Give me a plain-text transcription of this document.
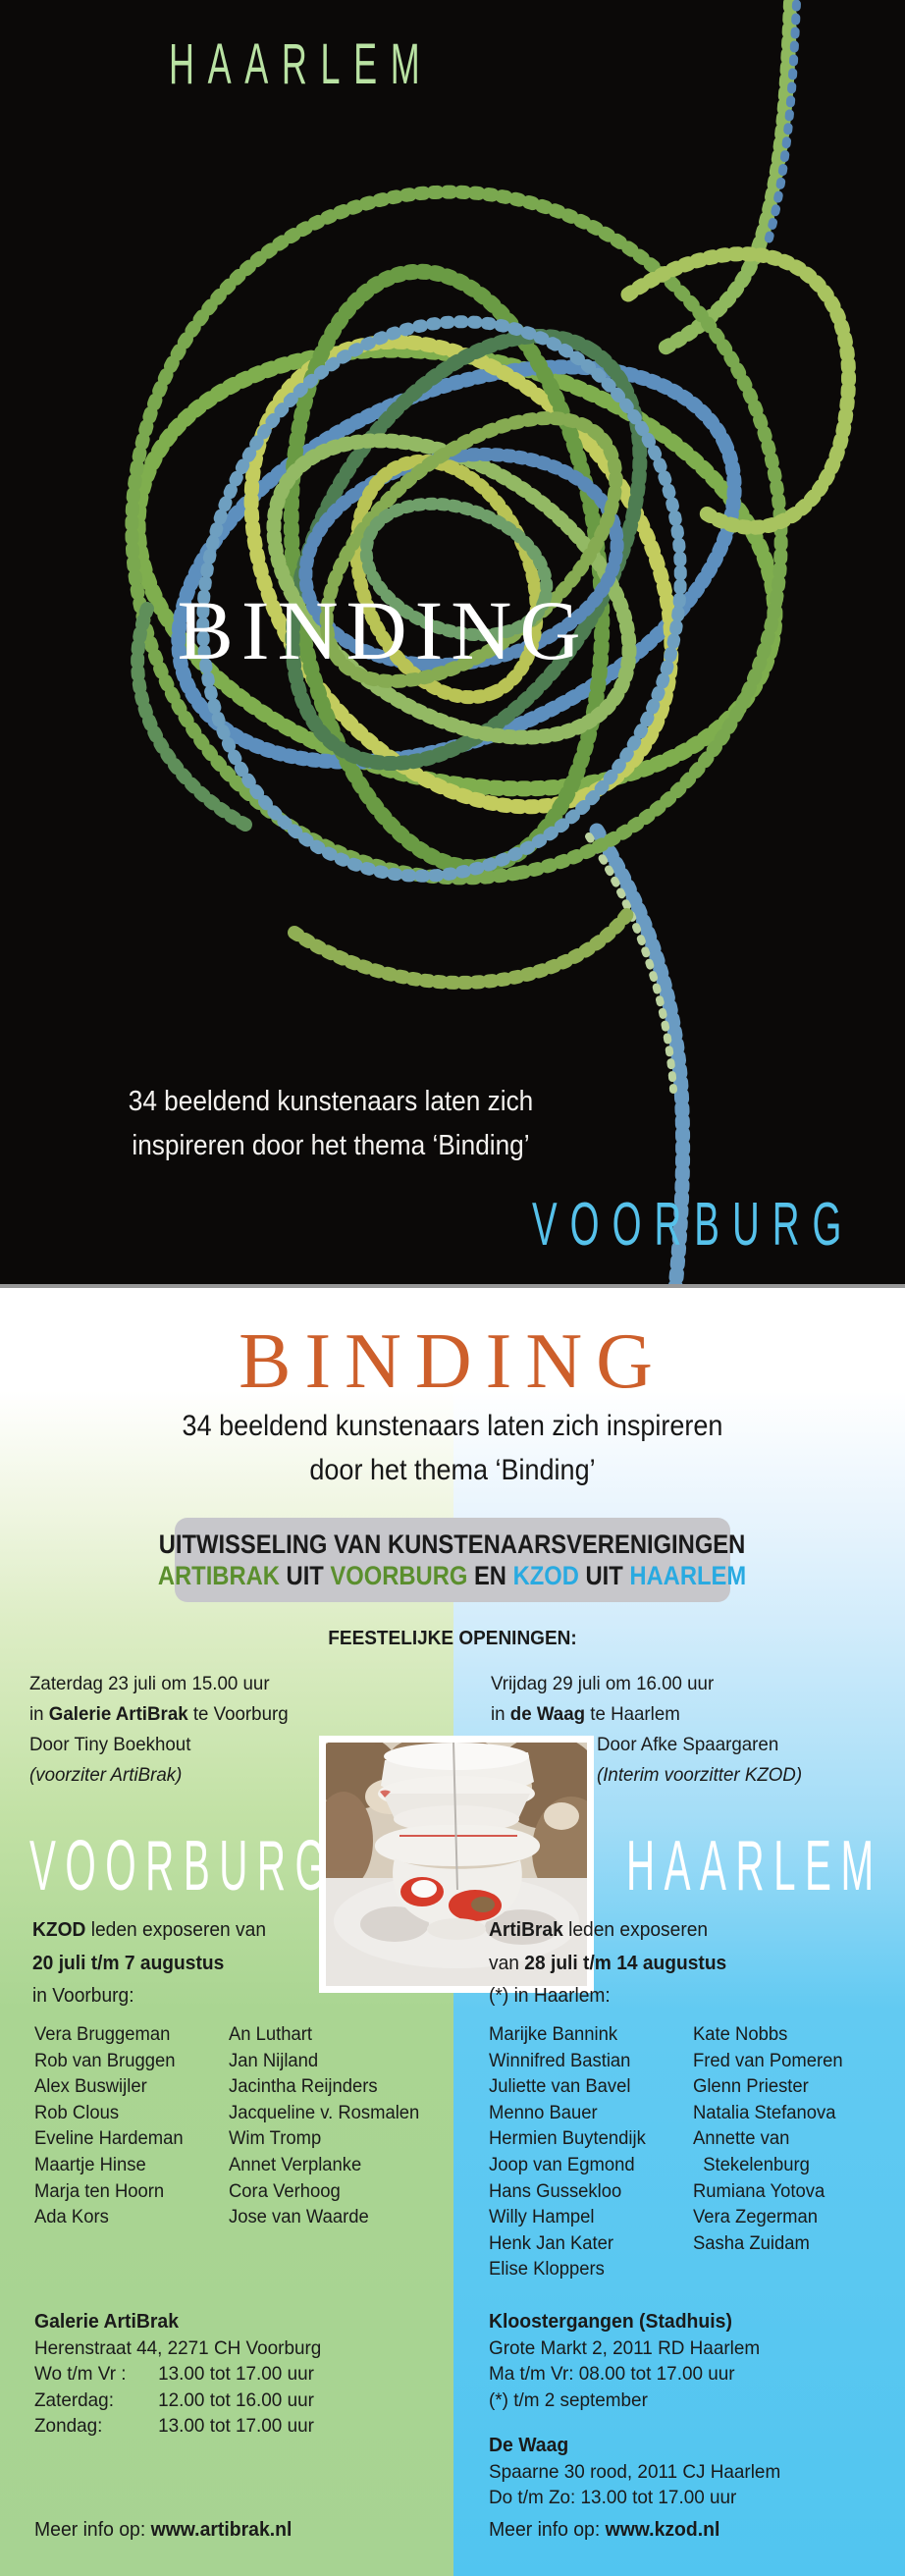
HAARLEM
BINDING
34 beeldend kunstenaars laten zich
inspireren door het thema ‘Binding’
VOORBURG
BINDING
34 beeldend kunstenaars laten zich inspireren
door het thema ‘Binding’
UITWISSELING VAN KUNSTENAARSVERENIGINGEN
ARTIBRAK UIT VOORBURG EN KZOD UIT HAARLEM
FEESTELIJKE OPENINGEN:
Zaterdag 23 juli om 15.00 uur
in Galerie ArtiBrak te Voorburg
Door Tiny Boekhout
(voorziter ArtiBrak)
Vrijdag 29 juli om 16.00 uur
in de Waag te Haarlem
Door Afke Spaargaren
(Interim voorzitter KZOD)
VOORBURG
KZOD leden exposeren van
20 juli t/m 7 augustus
in Voorburg:
Vera Bruggeman
Rob van Bruggen
Alex Buswijler
Rob Clous
Eveline Hardeman
Maartje Hinse
Marja ten Hoorn
Ada Kors
An Luthart
Jan Nijland
Jacintha Reijnders
Jacqueline v. Rosmalen
Wim Tromp
Annet Verplanke
Cora Verhoog
Jose van Waarde
Galerie ArtiBrak
Herenstraat 44, 2271 CH Voorburg
Wo t/m Vr : 13.00 tot 17.00 uur
Zaterdag: 12.00 tot 16.00 uur
Zondag:	13.00 tot 17.00 uur
Meer info op: www.artibrak.nl
HAARLEM
ArtiBrak leden exposeren
van 28 juli t/m 14 augustus
(*) in Haarlem:
Marijke Bannink
Winnifred Bastian
Juliette van Bavel
Menno Bauer
Hermien Buytendijk
Joop van Egmond
Hans Gussekloo
Willy Hampel
Henk Jan Kater
Elise Kloppers
Kate Nobbs
Fred van Pomeren
Glenn Priester
Natalia Stefanova
Annette van
Stekelenburg
Rumiana Yotova
Vera Zegerman
Sasha Zuidam
Kloostergangen (Stadhuis)
Grote Markt 2, 2011 RD Haarlem
Ma t/m Vr: 08.00 tot 17.00 uur
(*) t/m 2 september
De Waag
Spaarne 30 rood, 2011 CJ Haarlem
Do t/m Zo: 13.00 tot 17.00 uur
Meer info op: www.kzod.nl
